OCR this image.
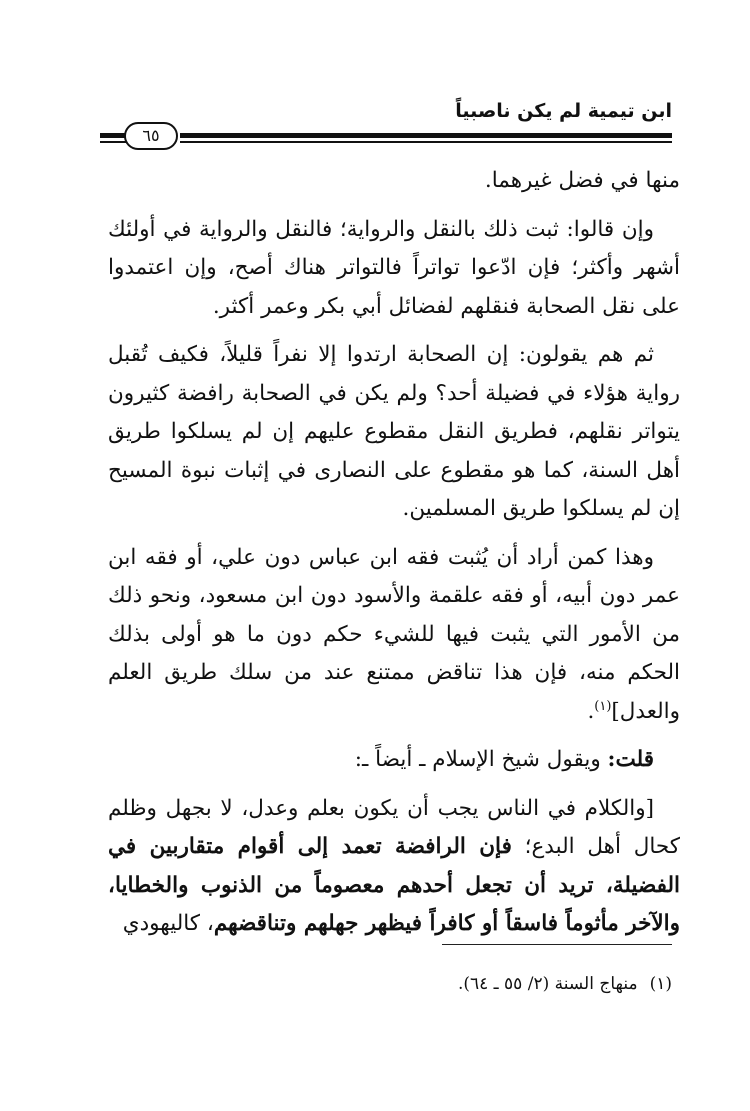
ابن تيمية لم يكن ناصبياً
٦٥

منها في فضل غيرهما.

وإن قالوا: ثبت ذلك بالنقل والرواية؛ فالنقل والرواية في أولئك أشهر وأكثر؛ فإن ادّعوا تواتراً فالتواتر هناك أصح، وإن اعتمدوا على نقل الصحابة فنقلهم لفضائل أبي بكر وعمر أكثر.

ثم هم يقولون: إن الصحابة ارتدوا إلا نفراً قليلاً، فكيف تُقبل رواية هؤلاء في فضيلة أحد؟ ولم يكن في الصحابة رافضة كثيرون يتواتر نقلهم، فطريق النقل مقطوع عليهم إن لم يسلكوا طريق أهل السنة، كما هو مقطوع على النصارى في إثبات نبوة المسيح إن لم يسلكوا طريق المسلمين.

وهذا كمن أراد أن يُثبت فقه ابن عباس دون علي، أو فقه ابن عمر دون أبيه، أو فقه علقمة والأسود دون ابن مسعود، ونحو ذلك من الأمور التي يثبت فيها للشيء حكم دون ما هو أولى بذلك الحكم منه، فإن هذا تناقض ممتنع عند من سلك طريق العلم والعدل]$^{(١)}$.

قلت: ويقول شيخ الإسلام ـ أيضاً ـ:

[والكلام في الناس يجب أن يكون بعلم وعدل، لا بجهل وظلم كحال أهل البدع؛ فإن الرافضة تعمد إلى أقوام متقاربين في الفضيلة، تريد أن تجعل أحدهم معصوماً من الذنوب والخطايا، والآخر مأثوماً فاسقاً أو كافراً فيظهر جهلهم وتناقضهم، كاليهودي

(١)منهاج السنة (٢/ ٥٥ ـ ٦٤).
